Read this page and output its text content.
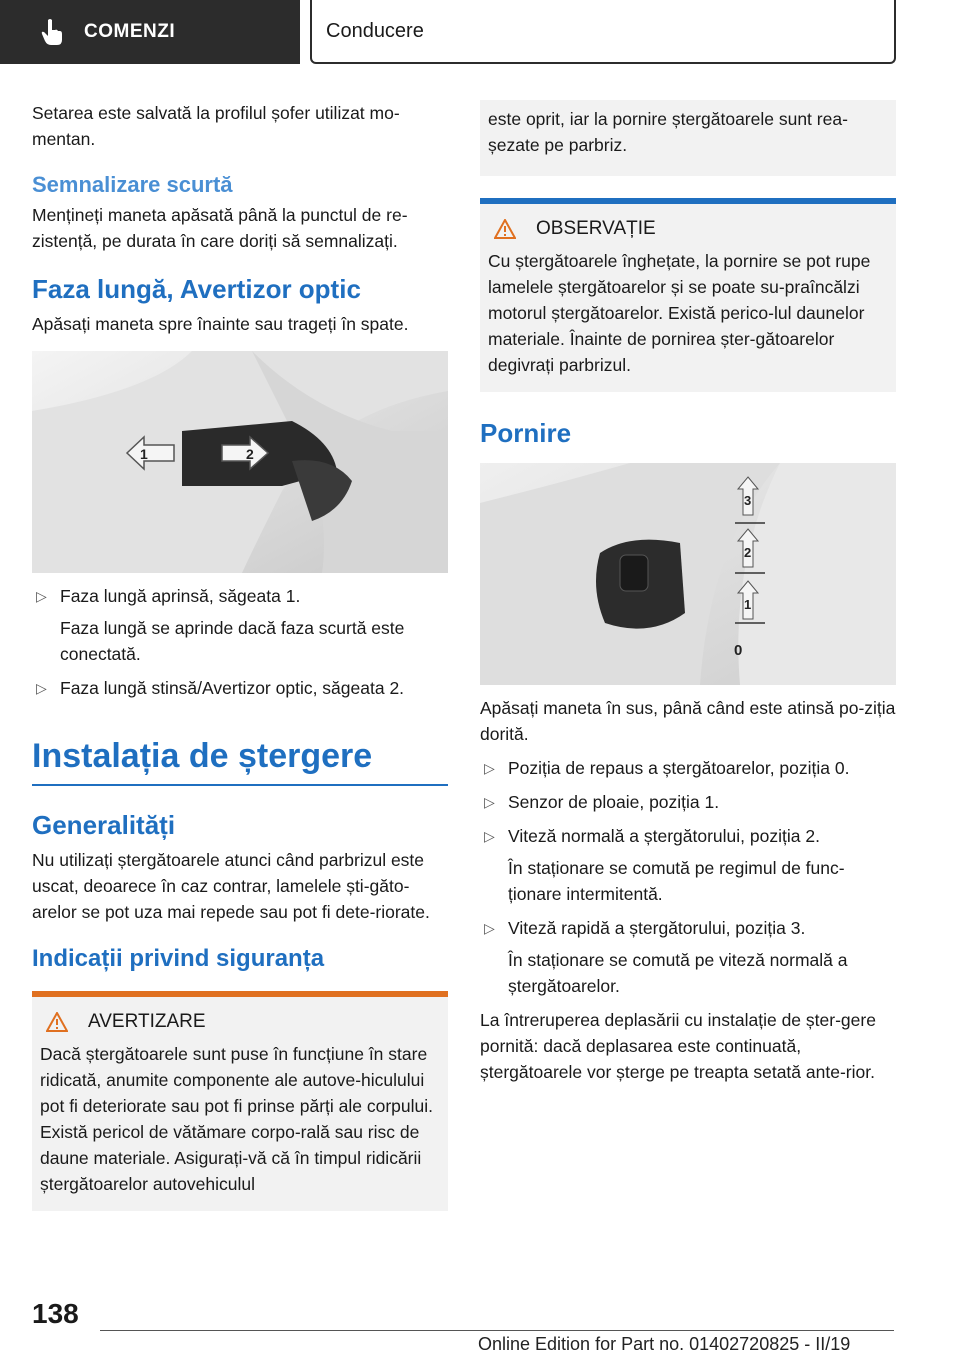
COMENZI	Conducere

Setarea este salvată la profilul șofer utilizat mo-mentan.

Semnalizare scurtă

Mențineți maneta apăsată până la punctul de re-zistență, pe durata în care doriți să semnalizați.

Faza lungă, Avertizor optic

Apăsați maneta spre înainte sau trageți în spate.

1	2
▷ Faza lungă aprinsă, săgeata 1.
Faza lungă se aprinde dacă faza scurtă este conectată.
▷ Faza lungă stinsă/Avertizor optic, săgeata 2.
Instalația de ștergere
Generalități

Nu utilizați ștergătoarele atunci când parbrizul este uscat, deoarece în caz contrar, lamelele ști-gătoarelor se pot uza mai repede sau pot fi dete-riorate.

Indicații privind siguranța
AVERTIZARE
Dacă ștergătoarele sunt puse în funcțiune în stare ridicată, anumite componente ale autove-hiculului pot fi deteriorate sau pot fi prinse părți ale corpului. Există pericol de vătămare corpo-rală sau risc de daune materiale. Asigurați-vă că în timpul ridicării ștergătoarelor autovehiculul
este oprit, iar la pornire ștergătoarele sunt rea-șezate pe parbriz.
OBSERVAȚIE
Cu ștergătoarele înghețate, la pornire se pot rupe lamelele ștergătoarelor și se poate su-praîncălzi motorul ștergătoarelor. Există perico-lul daunelor materiale. Înainte de pornirea șter-gătoarelor degivrați parbrizul.
Pornire
3
2
1
0

Apăsați maneta în sus, până când este atinsă po-ziția dorită.

▷ Poziția de repaus a ștergătoarelor, poziția 0.
▷ Senzor de ploaie, poziția 1.
▷ Viteză normală a ștergătorului, poziția 2.
În staționare se comută pe regimul de func-ționare intermitentă.
▷ Viteză rapidă a ștergătorului, poziția 3.
În staționare se comută pe viteză normală a ștergătoarelor.

La întreruperea deplasării cu instalație de șter-gere pornită: dacă deplasarea este continuată, ștergătoarele vor șterge pe treapta setată ante-rior.

138
Online Edition for Part no. 01402720825 - II/19
